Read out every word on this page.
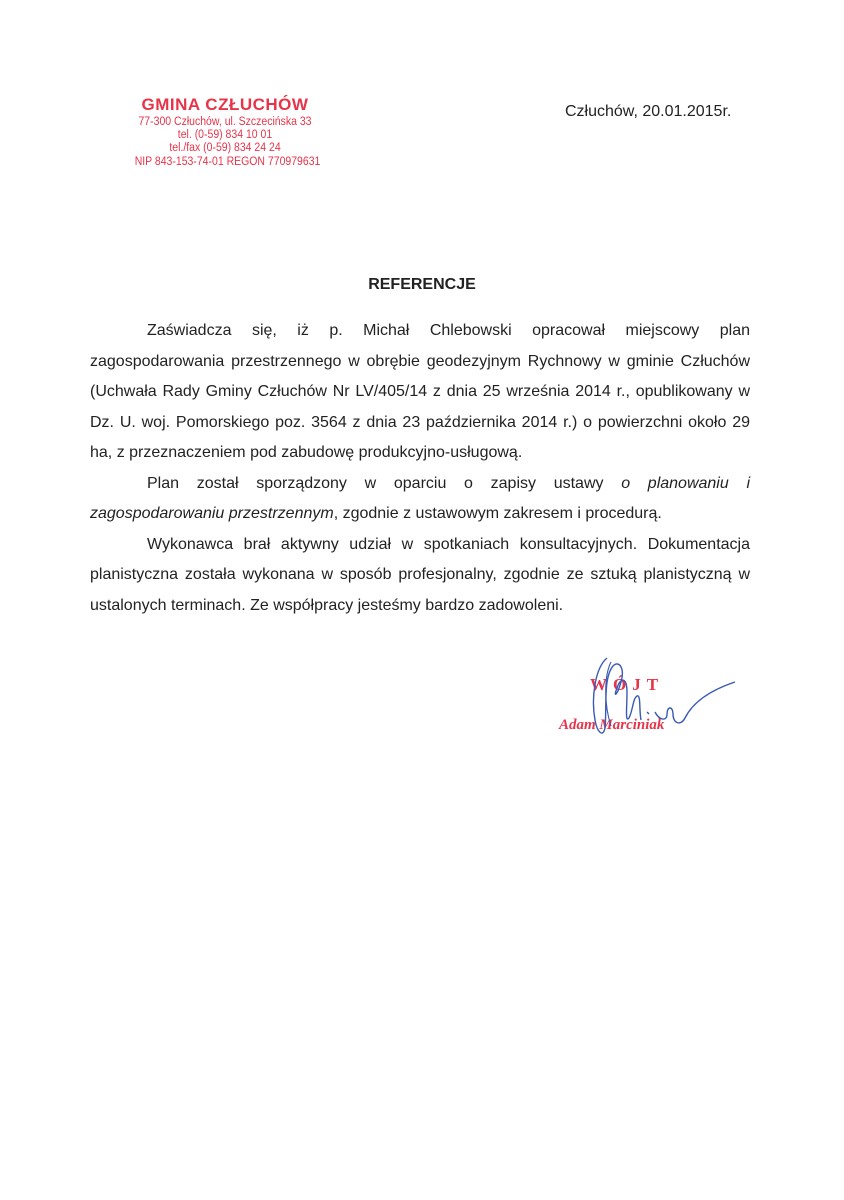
GMINA CZŁUCHÓW
77-300 Człuchów, ul. Szczecińska 33
tel. (0-59) 834 10 01
tel./fax (0-59) 834 24 24
NIP 843-153-74-01 REGON 770979631
Człuchów, 20.01.2015r.
REFERENCJE

Zaświadcza się, iż p. Michał Chlebowski opracował miejscowy plan zagospodarowania przestrzennego w obrębie geodezyjnym Rychnowy w gminie Człuchów (Uchwała Rady Gminy Człuchów Nr LV/405/14 z dnia 25 września 2014 r., opublikowany w Dz. U. woj. Pomorskiego poz. 3564 z dnia 23 października 2014 r.) o powierzchni około 29 ha, z przeznaczeniem pod zabudowę produkcyjno-usługową.

Plan został sporządzony w oparciu o zapisy ustawy o planowaniu i zagospodarowaniu przestrzennym, zgodnie z ustawowym zakresem i procedurą.

Wykonawca brał aktywny udział w spotkaniach konsultacyjnych. Dokumentacja planistyczna została wykonana w sposób profesjonalny, zgodnie ze sztuką planistyczną w ustalonych terminach. Ze współpracy jesteśmy bardzo zadowoleni.

WÓJT
Adam Marciniak
